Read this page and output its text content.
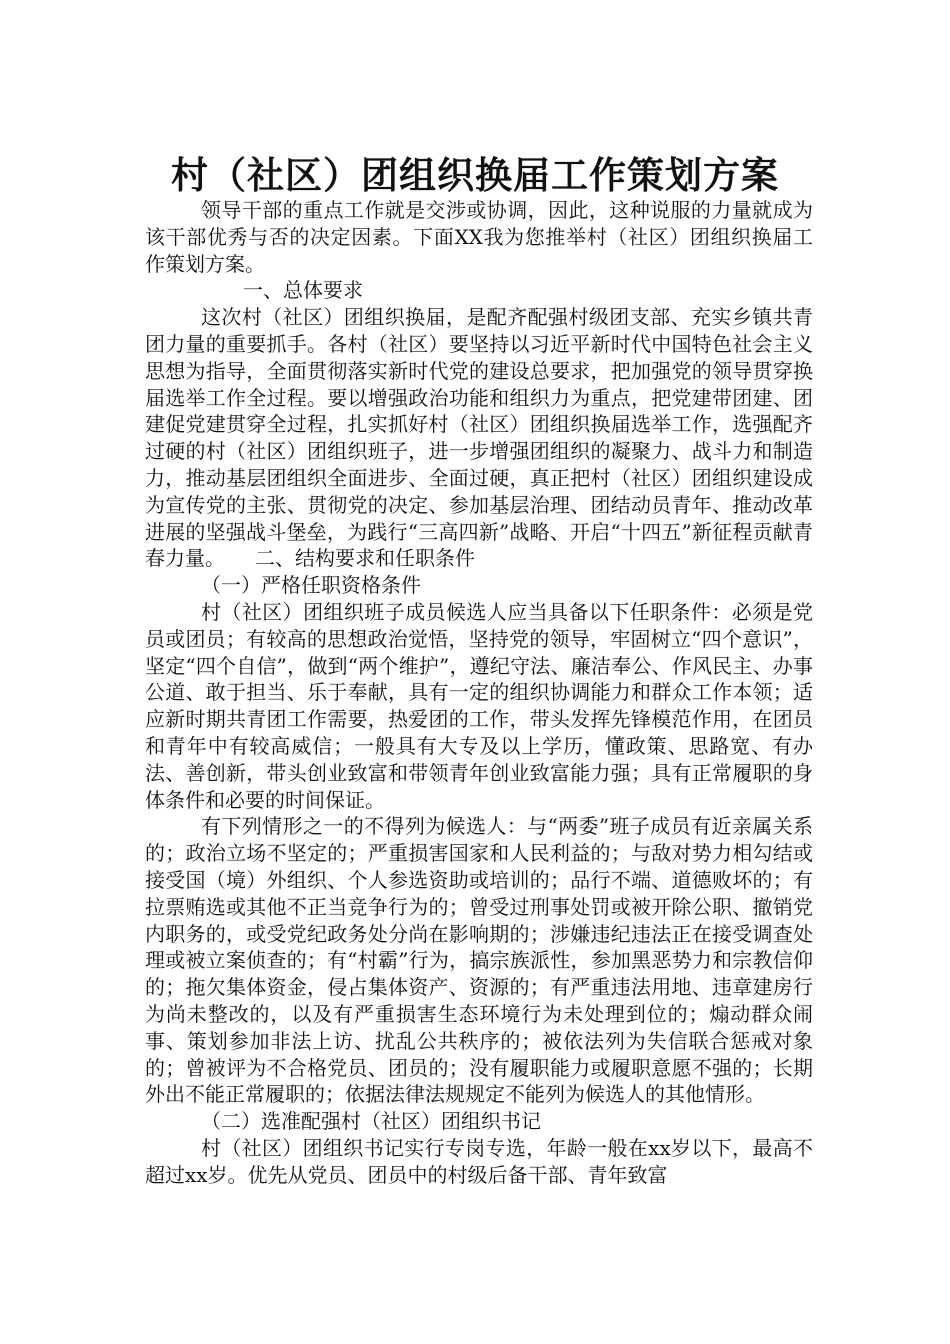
村（社区）团组织换届工作策划方案

领导干部的重点工作就是交涉或协调，因此，这种说服的力量就成为该干部优秀与否的决定因素。下面XX我为您推举村（社区）团组织换届工作策划方案。

一、总体要求

这次村（社区）团组织换届，是配齐配强村级团支部、充实乡镇共青团力量的重要抓手。各村（社区）要坚持以习近平新时代中国特色社会主义思想为指导，全面贯彻落实新时代党的建设总要求，把加强党的领导贯穿换届选举工作全过程。要以增强政治功能和组织力为重点，把党建带团建、团建促党建贯穿全过程，扎实抓好村（社区）团组织换届选举工作，选强配齐过硬的村（社区）团组织班子，进一步增强团组织的凝聚力、战斗力和制造力，推动基层团组织全面进步、全面过硬，真正把村（社区）团组织建设成为宣传党的主张、贯彻党的决定、参加基层治理、团结动员青年、推动改革进展的坚强战斗堡垒，为践行“三高四新”战略、开启“十四五”新征程贡献青春力量。　　二、结构要求和任职条件

（一）严格任职资格条件

村（社区）团组织班子成员候选人应当具备以下任职条件：必须是党员或团员；有较高的思想政治觉悟，坚持党的领导，牢固树立“四个意识”，坚定“四个自信”，做到“两个维护”，遵纪守法、廉洁奉公、作风民主、办事公道、敢于担当、乐于奉献，具有一定的组织协调能力和群众工作本领；适应新时期共青团工作需要，热爱团的工作，带头发挥先锋模范作用，在团员和青年中有较高威信；一般具有大专及以上学历，懂政策、思路宽、有办法、善创新，带头创业致富和带领青年创业致富能力强；具有正常履职的身体条件和必要的时间保证。

有下列情形之一的不得列为候选人：与“两委”班子成员有近亲属关系的；政治立场不坚定的；严重损害国家和人民利益的；与敌对势力相勾结或接受国（境）外组织、个人参选资助或培训的；品行不端、道德败坏的；有拉票贿选或其他不正当竞争行为的；曾受过刑事处罚或被开除公职、撤销党内职务的，或受党纪政务处分尚在影响期的；涉嫌违纪违法正在接受调查处理或被立案侦查的；有“村霸”行为，搞宗族派性，参加黑恶势力和宗教信仰的；拖欠集体资金，侵占集体资产、资源的；有严重违法用地、违章建房行为尚未整改的，以及有严重损害生态环境行为未处理到位的；煽动群众闹事、策划参加非法上访、扰乱公共秩序的；被依法列为失信联合惩戒对象的；曾被评为不合格党员、团员的；没有履职能力或履职意愿不强的；长期外出不能正常履职的；依据法律法规规定不能列为候选人的其他情形。

（二）选准配强村（社区）团组织书记

村（社区）团组织书记实行专岗专选，年龄一般在xx岁以下，最高不超过xx岁。优先从党员、团员中的村级后备干部、青年致富
